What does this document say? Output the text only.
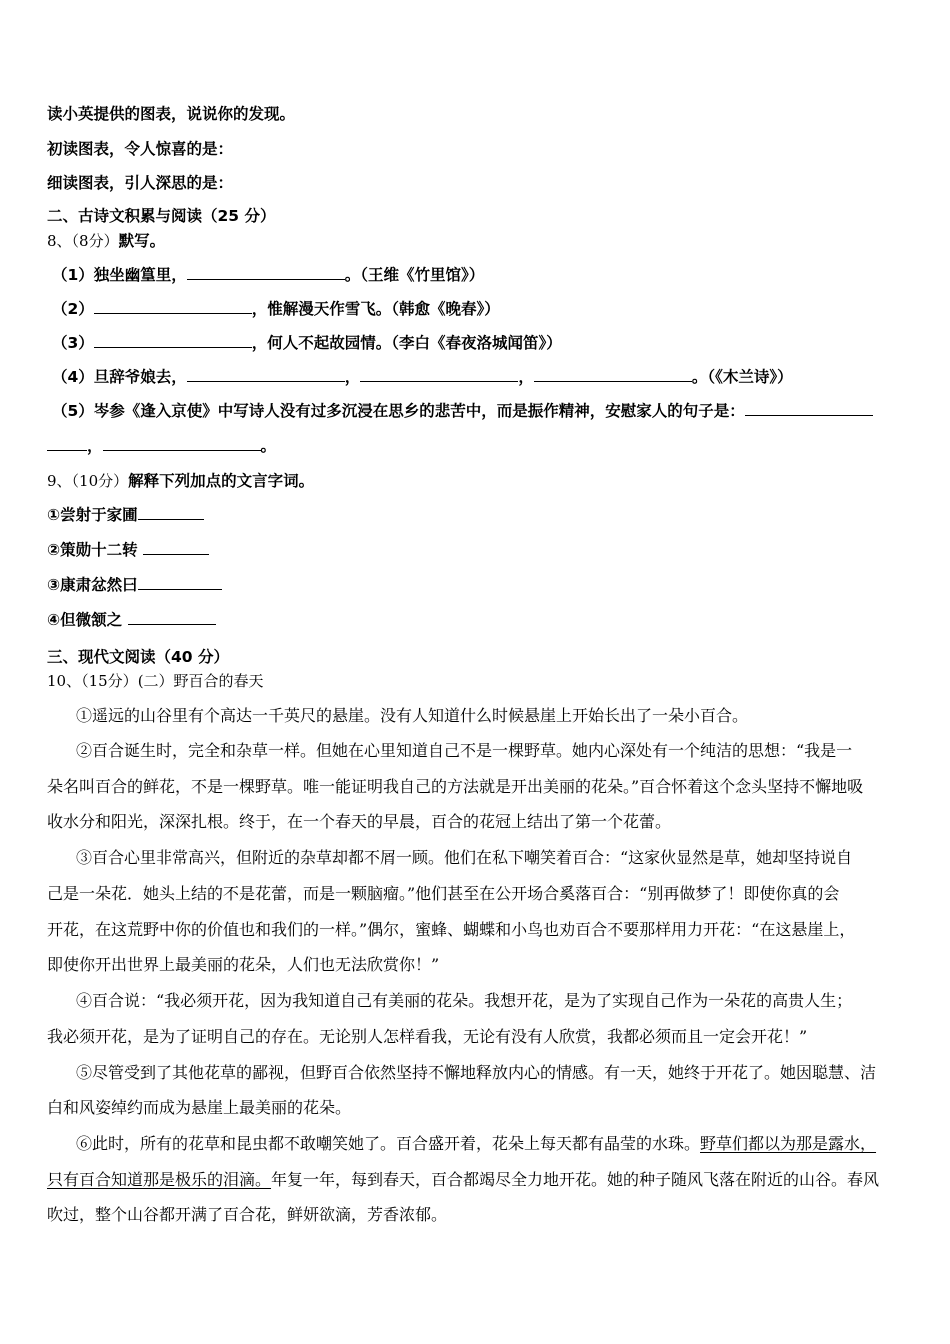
读小英提供的图表，说说你的发现。
初读图表，令人惊喜的是：
细读图表，引人深思的是：
二、古诗文积累与阅读（25 分）
8、（8分）默写。
（1）独坐幽篁里，	。（王维《竹里馆》）
（2）	，惟解漫天作雪飞。（韩愈《晚春》）
（3）	，何人不起故园情。（李白《春夜洛城闻笛》）
（4）旦辞爷娘去，	，	，	。（《木兰诗》）
（5）岑参《逢入京使》中写诗人没有过多沉浸在思乡的悲苦中，而是振作精神，安慰家人的句子是：
，	。
9、（10分）解释下列加点的文言字词。
①尝射于家圃
②策勋十二转
③康肃忿然曰
④但微颔之
三、现代文阅读（40 分）
10、（15分）(二）野百合的春天
①遥远的山谷里有个高达一千英尺的悬崖。没有人知道什么时候悬崖上开始长出了一朵小百合。
②百合诞生时，完全和杂草一样。但她在心里知道自己不是一棵野草。她内心深处有一个纯洁的思想：“我是一
朵名叫百合的鲜花，不是一棵野草。唯一能证明我自己的方法就是开出美丽的花朵。”百合怀着这个念头坚持不懈地吸
收水分和阳光，深深扎根。终于，在一个春天的早晨，百合的花冠上结出了第一个花蕾。
③百合心里非常高兴，但附近的杂草却都不屑一顾。他们在私下嘲笑着百合：“这家伙显然是草，她却坚持说自
己是一朵花．她头上结的不是花蕾，而是一颗脑瘤。”他们甚至在公开场合奚落百合：“别再做梦了！即使你真的会
开花，在这荒野中你的价值也和我们的一样。”偶尔，蜜蜂、蝴蝶和小鸟也劝百合不要那样用力开花：“在这悬崖上，
即使你开出世界上最美丽的花朵，人们也无法欣赏你！”
④百合说：“我必须开花，因为我知道自己有美丽的花朵。我想开花，是为了实现自己作为一朵花的高贵人生；
我必须开花，是为了证明自己的存在。无论别人怎样看我，无论有没有人欣赏，我都必须而且一定会开花！”
⑤尽管受到了其他花草的鄙视，但野百合依然坚持不懈地释放内心的情感。有一天，她终于开花了。她因聪慧、洁
白和风姿绰约而成为悬崖上最美丽的花朵。
⑥此时，所有的花草和昆虫都不敢嘲笑她了。百合盛开着，花朵上每天都有晶莹的水珠。野草们都以为那是露水，
只有百合知道那是极乐的泪滴。年复一年，每到春天，百合都竭尽全力地开花。她的种子随风飞落在附近的山谷。春风
吹过，整个山谷都开满了百合花，鲜妍欲滴，芳香浓郁。
